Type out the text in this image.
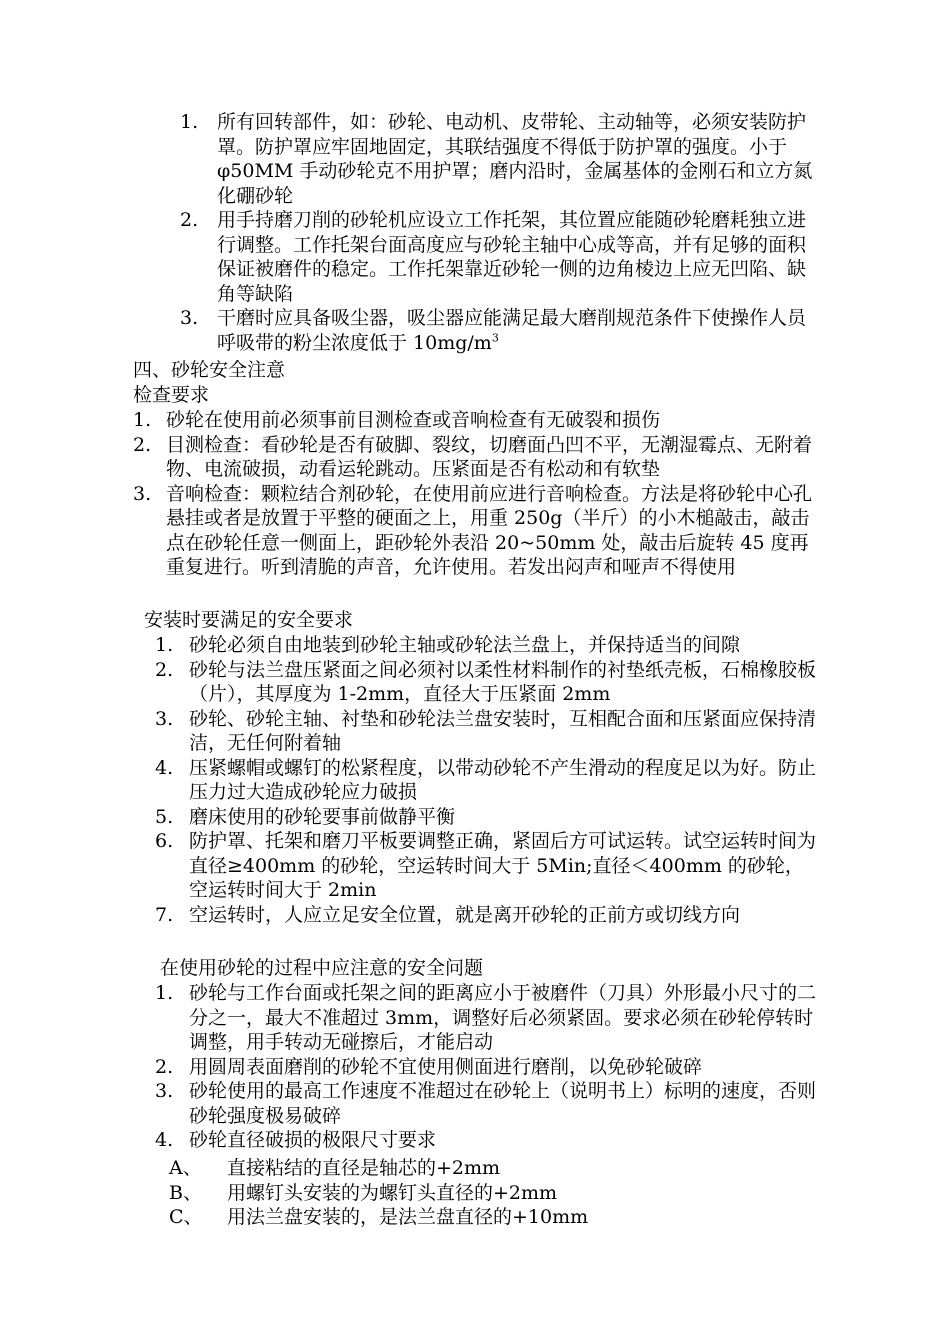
1. 所有回转部件，如：砂轮、电动机、皮带轮、主动轴等，必须安装防护罩。防护罩应牢固地固定，其联结强度不得低于防护罩的强度。小于 φ50MM 手动砂轮克不用护罩；磨内沿时，金属基体的金刚石和立方氮化硼砂轮
2. 用手持磨刀削的砂轮机应设立工作托架，其位置应能随砂轮磨耗独立进行调整。工作托架台面高度应与砂轮主轴中心成等高，并有足够的面积保证被磨件的稳定。工作托架靠近砂轮一侧的边角棱边上应无凹陷、缺角等缺陷
3. 干磨时应具备吸尘器，吸尘器应能满足最大磨削规范条件下使操作人员呼吸带的粉尘浓度低于 $10mg/m^3$
四、砂轮安全注意
检查要求
1. 砂轮在使用前必须事前目测检查或音响检查有无破裂和损伤
2. 目测检查：看砂轮是否有破脚、裂纹，切磨面凸凹不平，无潮湿霉点、无附着物、电流破损，动看运轮跳动。压紧面是否有松动和有软垫
3. 音响检查：颗粒结合剂砂轮，在使用前应进行音响检查。方法是将砂轮中心孔悬挂或者是放置于平整的硬面之上，用重 250g（半斤）的小木槌敲击，敲击点在砂轮任意一侧面上，距砂轮外表沿 20~50mm 处，敲击后旋转 45 度再重复进行。听到清脆的声音，允许使用。若发出闷声和哑声不得使用
安装时要满足的安全要求
1. 砂轮必须自由地装到砂轮主轴或砂轮法兰盘上，并保持适当的间隙
2. 砂轮与法兰盘压紧面之间必须衬以柔性材料制作的衬垫纸壳板，石棉橡胶板（片），其厚度为 1-2mm，直径大于压紧面 2mm
3. 砂轮、砂轮主轴、衬垫和砂轮法兰盘安装时，互相配合面和压紧面应保持清洁，无任何附着轴
4. 压紧螺帽或螺钉的松紧程度，以带动砂轮不产生滑动的程度足以为好。防止压力过大造成砂轮应力破损
5. 磨床使用的砂轮要事前做静平衡
6. 防护罩、托架和磨刀平板要调整正确，紧固后方可试运转。试空运转时间为直径≥400mm 的砂轮，空运转时间大于 5Min;直径＜400mm 的砂轮，空运转时间大于 2min
7. 空运转时，人应立足安全位置，就是离开砂轮的正前方或切线方向
在使用砂轮的过程中应注意的安全问题
1. 砂轮与工作台面或托架之间的距离应小于被磨件（刀具）外形最小尺寸的二分之一，最大不准超过 3mm，调整好后必须紧固。要求必须在砂轮停转时调整，用手转动无碰擦后，才能启动
2. 用圆周表面磨削的砂轮不宜使用侧面进行磨削，以免砂轮破碎
3. 砂轮使用的最高工作速度不准超过在砂轮上（说明书上）标明的速度，否则砂轮强度极易破碎
4. 砂轮直径破损的极限尺寸要求
A、 直接粘结的直径是轴芯的+2mm
B、 用螺钉头安装的为螺钉头直径的+2mm
C、 用法兰盘安装的，是法兰盘直径的+10mm
